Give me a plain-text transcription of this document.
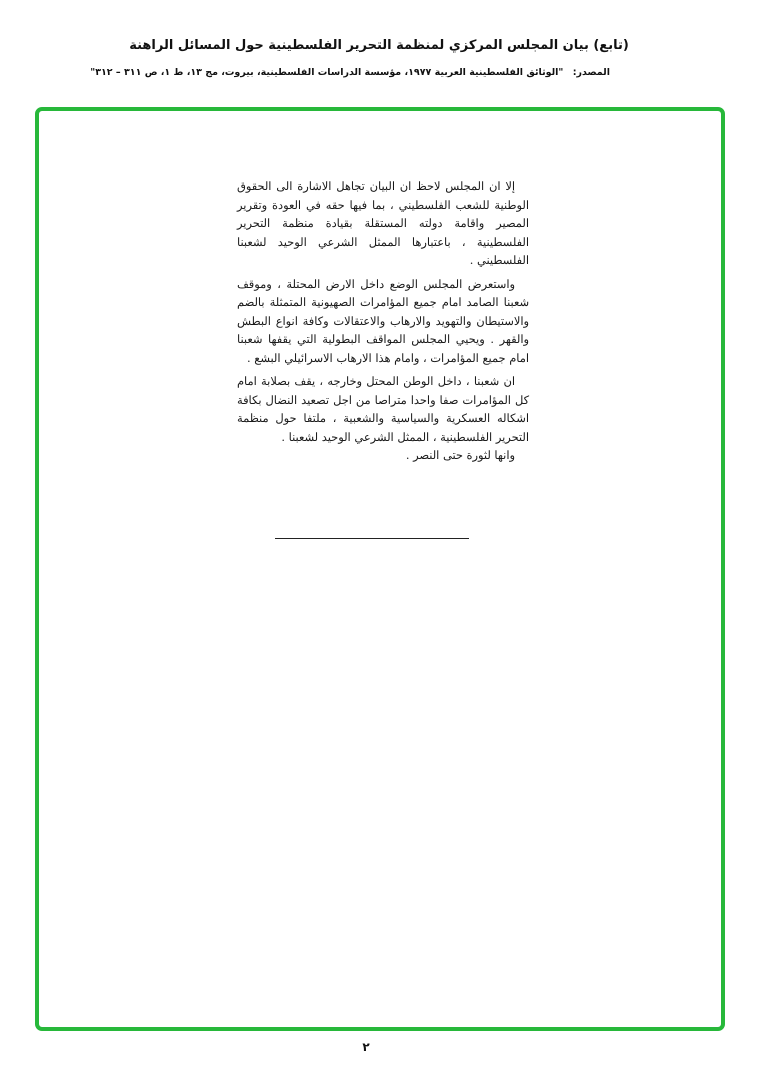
(تابع) بيان المجلس المركزي لمنظمة التحرير الفلسطينية حول المسائل الراهنة
المصدر: "الوثائق الفلسطينية العربية ١٩٧٧، مؤسسة الدراسات الفلسطينية، بيروت، مج ١٣، ط ١، ص ٣١١ – ٣١٢"

إلا ان المجلس لاحظ ان البيان تجاهل الاشارة الى الحقوق الوطنية للشعب الفلسطيني ، بما فيها حقه في العودة وتقرير المصير واقامة دولته المستقلة بقيادة منظمة التحرير الفلسطينية ، باعتبارها الممثل الشرعي الوحيد لشعبنا الفلسطيني .

واستعرض المجلس الوضع داخل الارض المحتلة ، وموقف شعبنا الصامد امام جميع المؤامرات الصهيونية المتمثلة بالضم والاستيطان والتهويد والارهاب والاعتقالات وكافة انواع البطش والقهر . ويحيي المجلس المواقف البطولية التي يقفها شعبنا امام جميع المؤامرات ، وامام هذا الارهاب الاسرائيلي البشع .

ان شعبنا ، داخل الوطن المحتل وخارجه ، يقف بصلابة امام كل المؤامرات صفا واحدا متراصا من اجل تصعيد النضال بكافة اشكاله العسكرية والسياسية والشعبية ، ملتفا حول منظمة التحرير الفلسطينية ، الممثل الشرعي الوحيد لشعبنا .

وانها لثورة حتى النصر .

٢
